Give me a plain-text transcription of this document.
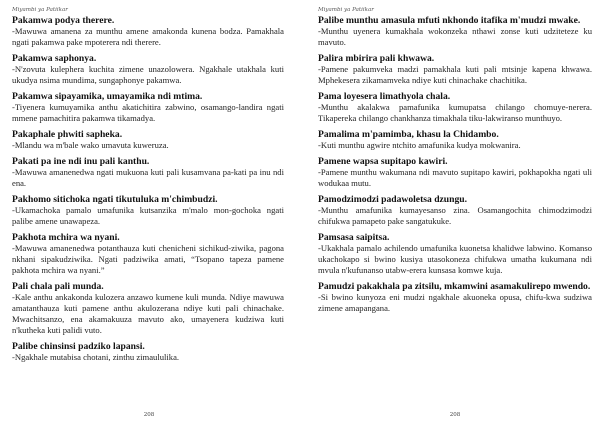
Miyambi ya Patiikar
Pakamwa podya therere.
-Mawuwa amanena za munthu amene amakonda kunena bodza. Pamakhala ngati pakamwa pake mpoterera ndi therere.
Pakamwa saphonya.
-N'zovuta kulephera kuchita zimene unazolowera. Ngakhale utakhala kuti ukudya nsima mundima, sungaphonye pakamwa.
Pakamwa sipayamika, umayamika ndi mtima.
-Tiyenera kumuyamika anthu akatichitira zabwino, osamango-landira ngati mmene pamachitira pakamwa tikamadya.
Pakaphale phwiti sapheka.
-Mlandu wa m'bale wako umavuta kuweruza.
Pakati pa ine ndi inu pali kanthu.
-Mawuwa amanenedwa ngati mukuona kuti pali kusamvana pa-kati pa inu ndi ena.
Pakhomo sitichoka ngati tikutuluka m'chimbudzi.
-Ukamachoka pamalo umafunika kutsanzika m'malo mon-gochoka ngati palibe amene unawapeza.
Pakhota mchira wa nyani.
-Mawuwa amanenedwa potanthauza kuti chenicheni sichikud-ziwika, pagona nkhani sipakudziwika. Ngati padziwika amati, “Tsopano tapeza pamene pakhota mchira wa nyani.”
Pali chala pali munda.
-Kale anthu ankakonda kulozera anzawo kumene kuli munda. Ndiye mawuwa amatanthauza kuti pamene anthu akulozerana ndiye kuti pali chinachake. Mwachitsanzo, ena akamakuuza mavuto ako, umayenera kudziwa kuti n'kutheka kuti palidi vuto.
Palibe chinsinsi padziko lapansi.
-Ngakhale mutabisa chotani, zinthu zimaululika.
208
Miyambi ya Patiikar
Palibe munthu amasula mfuti nkhondo itafika m'mudzi mwake.
-Munthu uyenera kumakhala wokonzeka nthawi zonse kuti udziteteze ku mavuto.
Palira mbirira pali khwawa.
-Pamene pakumveka madzi pamakhala kuti pali mtsinje kapena khwawa. Mphekesera zikamamveka ndiye kuti chinachake chachitika.
Pama loyesera limathyola chala.
-Munthu akalakwa pamafunika kumupatsa chilango chomuye-nerera. Tikapereka chilango chankhanza timakhala tiku-lakwiranso munthuyo.
Pamalima m'pamimba, khasu la Chidambo.
-Kuti munthu agwire ntchito amafunika kudya mokwanira.
Pamene wapsa supitapo kawiri.
-Pamene munthu wakumana ndi mavuto supitapo kawiri, pokhapokha ngati uli wodukaa mutu.
Pamodzimodzi padawoletsa dzungu.
-Munthu amafunika kumayesanso zina. Osamangochita chimodzimodzi chifukwa pamapeto pake sangatukuke.
Pamsasa saipitsa.
-Ukakhala pamalo achilendo umafunika kuonetsa khalidwe labwino. Komanso ukachokapo si bwino kusiya utasokoneza chifukwa umatha kukumana ndi mvula n'kufunanso utabw-erera kunsasa komwe kuja.
Pamudzi pakakhala pa zitsilu, mkamwini asamakulirepo mwendo.
-Si bwino kunyoza eni mudzi ngakhale akuoneka opusa, chifu-kwa sudziwa zimene amapangana.
208
